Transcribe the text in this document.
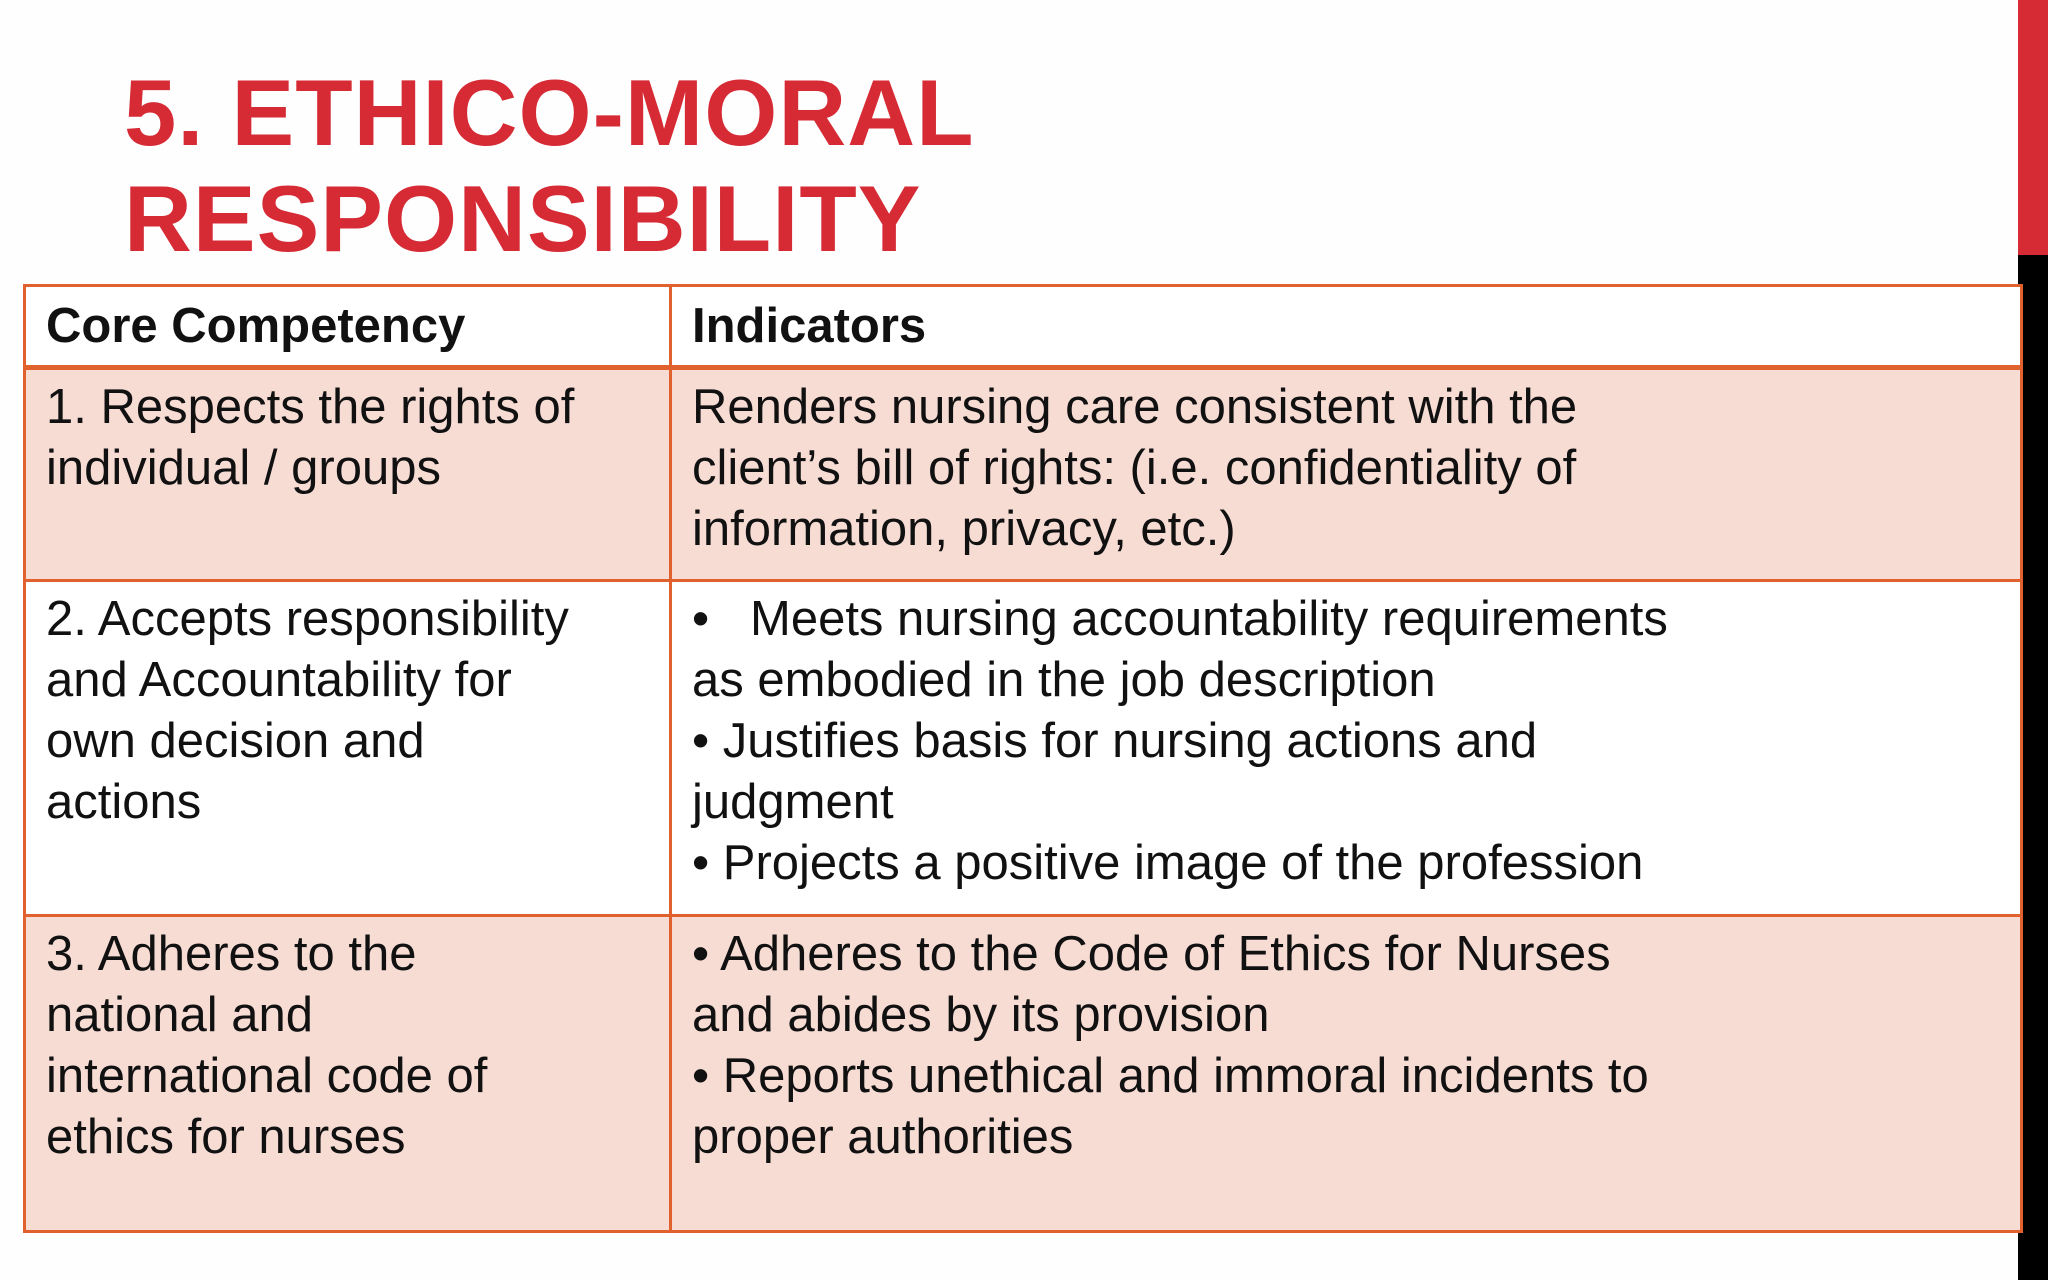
5. ETHICO-MORAL
RESPONSIBILITY
Core Competency	Indicators

1. Respects the rights of
individual / groups	Renders nursing care consistent with the
client’s bill of rights: (i.e. confidentiality of
information, privacy, etc.)

2. Accepts responsibility
and Accountability for
own decision and
actions	•   Meets nursing accountability requirements
as embodied in the job description
• Justifies basis for nursing actions and
judgment
• Projects a positive image of the profession

3. Adheres to the
national and
international code of
ethics for nurses	• Adheres to the Code of Ethics for Nurses
and abides by its provision
• Reports unethical and immoral incidents to
proper authorities
